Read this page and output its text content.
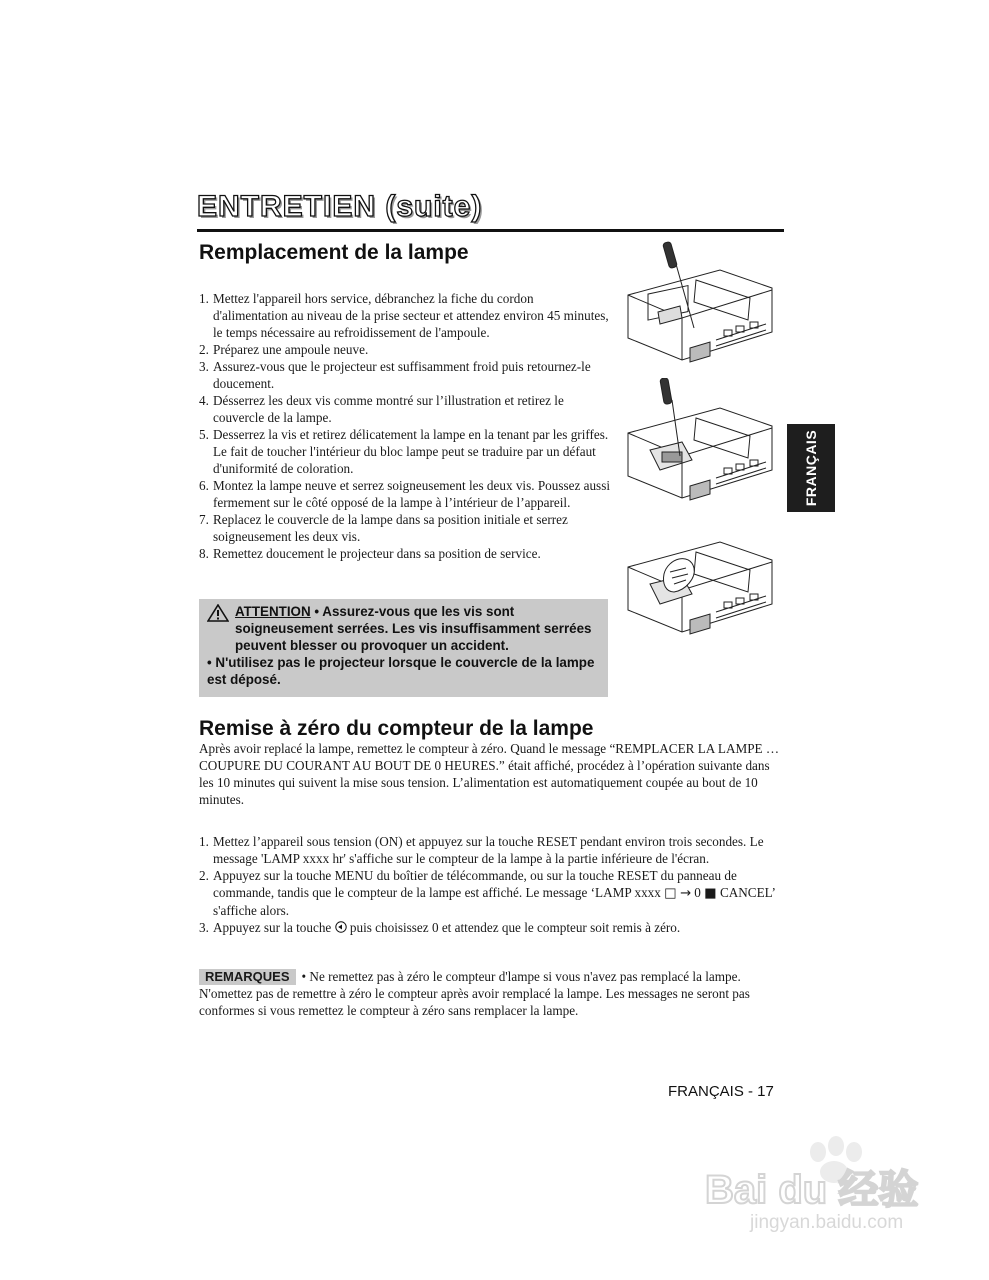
ENTRETIEN (suite)
Remplacement de la lampe
1. Mettez l'appareil hors service, débranchez la fiche du cordon d'alimentation au niveau de la prise secteur et attendez environ 45 minutes, le temps nécessaire au refroidissement de l'ampoule.
2. Préparez une ampoule neuve.
3. Assurez-vous que le projecteur est suffisamment froid puis retournez-le doucement.
4. Désserrez les deux vis comme montré sur l’illustration et retirez le couvercle de la lampe.
5. Desserrez la vis et retirez délicatement la lampe en la tenant par les griffes. Le fait de toucher l'intérieur du bloc lampe peut se traduire par un défaut d'uniformité de coloration.
6. Montez la lampe neuve et serrez soigneusement les deux vis. Poussez aussi fermement sur le côté opposé de la lampe à l’intérieur de l’appareil.
7. Replacez le couvercle de la lampe dans sa position initiale et serrez soigneusement les deux vis.
8. Remettez doucement le projecteur dans sa position de service.
ATTENTION • Assurez-vous que les vis sont soigneusement serrées. Les vis insuffisamment serrées peuvent blesser ou provoquer un accident.
• N'utilisez pas le projecteur lorsque le couvercle de la lampe est déposé.
FRANÇAIS
Remise à zéro du compteur de la lampe

Après avoir replacé la lampe, remettez le compteur à zéro. Quand le message “REMPLACER LA LAMPE … COUPURE DU COURANT AU BOUT DE 0 HEURES.” était affiché, procédez à l’opération suivante dans les 10 minutes qui suivent la mise sous tension. L’alimentation est automatiquement coupée au bout de 10 minutes.

1. Mettez l’appareil sous tension (ON) et appuyez sur la touche RESET pendant environ trois secondes. Le message 'LAMP xxxx hr' s'affiche sur le compteur de la lampe à la partie inférieure de l'écran.
2. Appuyez sur la touche MENU du boîtier de télécommande, ou sur la touche RESET du panneau de commande, tandis que le compteur de la lampe est affiché. Le message ‘LAMP xxxx □ → 0 ■ CANCEL’ s'affiche alors.
3. Appuyez sur la touche  puis choisissez 0 et attendez que le compteur soit remis à zéro.

REMARQUES • Ne remettez pas à zéro le compteur d'lampe si vous n'avez pas remplacé la lampe. N'omettez pas de remettre à zéro le compteur après avoir remplacé la lampe. Les messages ne seront pas conformes si vous remettez le compteur à zéro sans remplacer la lampe.

FRANÇAIS - 17
Bai du 经验
jingyan.baidu.com
